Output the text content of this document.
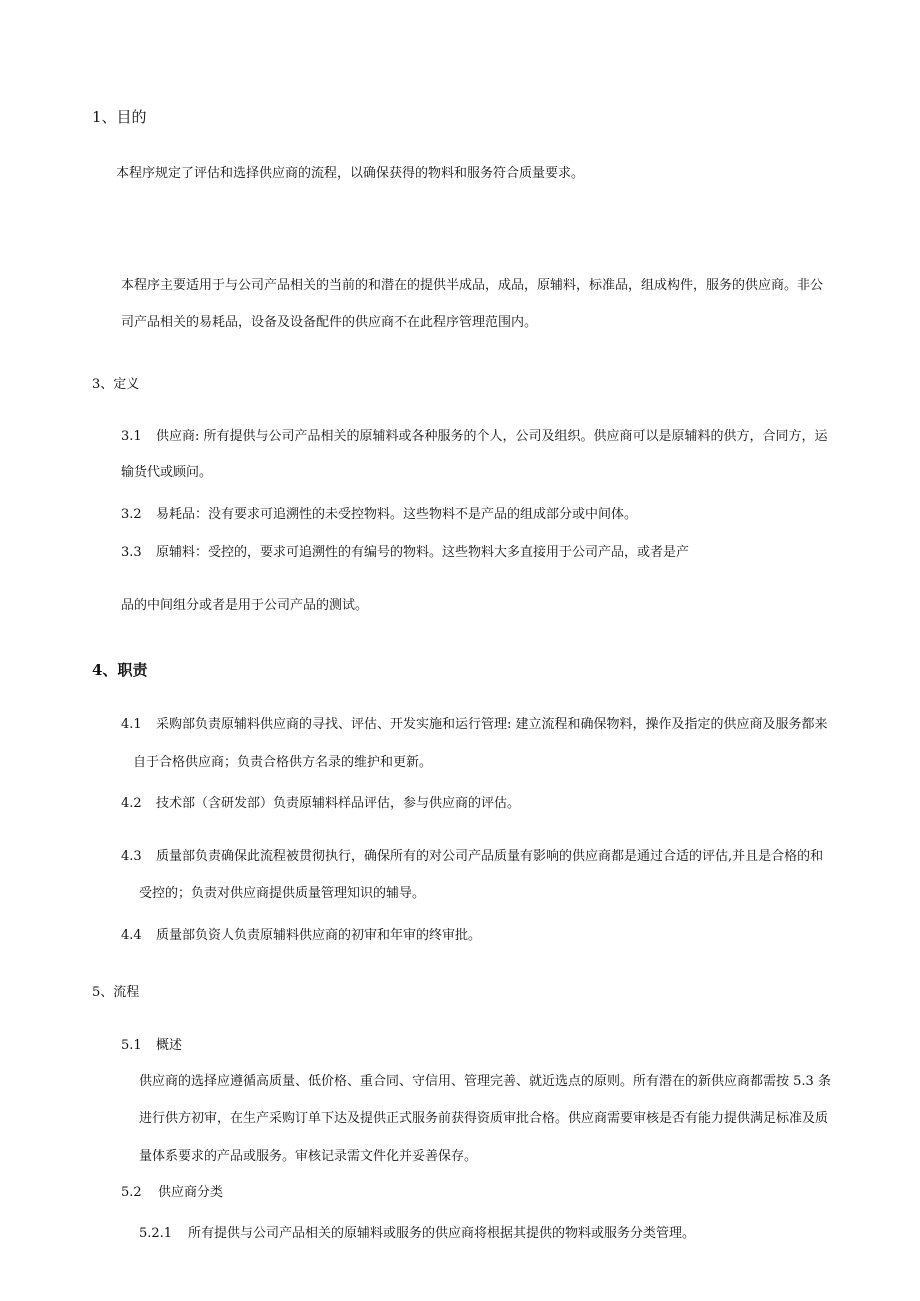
1、目的
本程序规定了评估和选择供应商的流程，以确保获得的物料和服务符合质量要求。
本程序主要适用于与公司产品相关的当前的和潜在的提供半成品，成品，原辅料，标准品，组成构件，服务的供应商。非公
司产品相关的易耗品，设备及设备配件的供应商不在此程序管理范围内。
3、定义
3.1 供应商: 所有提供与公司产品相关的原辅料或各种服务的个人，公司及组织。供应商可以是原辅料的供方，合同方，运
输货代或顾问。
3.2 易耗品：没有要求可追溯性的未受控物料。这些物料不是产品的组成部分或中间体。
3.3 原辅料：受控的，要求可追溯性的有编号的物料。这些物料大多直接用于公司产品，或者是产
品的中间组分或者是用于公司产品的测试。
4、职责
4.1 采购部负责原辅料供应商的寻找、评估、开发实施和运行管理: 建立流程和确保物料，操作及指定的供应商及服务都来
自于合格供应商；负责合格供方名录的维护和更新。
4.2 技术部（含研发部）负责原辅料样品评估，参与供应商的评估。
4.3 质量部负责确保此流程被贯彻执行，确保所有的对公司产品质量有影响的供应商都是通过合适的评估,并且是合格的和
受控的；负责对供应商提供质量管理知识的辅导。
4.4 质量部负资人负责原辅料供应商的初审和年审的终审批。
5、流程
5.1 概述
供应商的选择应遵循高质量、低价格、重合同、守信用、管理完善、就近选点的原则。所有潜在的新供应商都需按 5.3 条
进行供方初审，在生产采购订单下达及提供正式服务前获得资质审批合格。供应商需要审核是否有能力提供满足标准及质
量体系要求的产品或服务。审核记录需文件化并妥善保存。
5.2 供应商分类
5.2.1 所有提供与公司产品相关的原辅料或服务的供应商将根据其提供的物料或服务分类管理。
